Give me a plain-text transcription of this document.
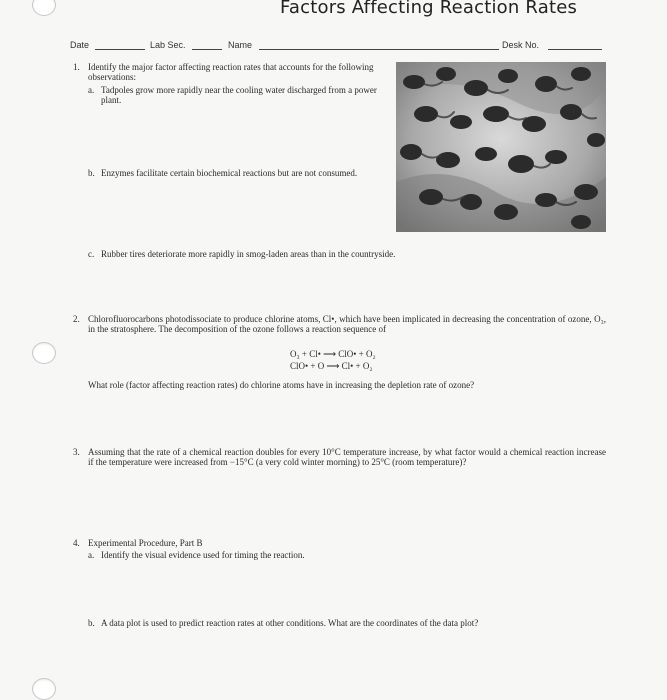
Factors Affecting Reaction Rates
Date	Lab Sec.	Name	Desk No.
1. Identify the major factor affecting reaction rates that accounts for the following observations:
a. Tadpoles grow more rapidly near the cooling water discharged from a power plant.
b. Enzymes facilitate certain biochemical reactions but are not consumed.
c. Rubber tires deteriorate more rapidly in smog-laden areas than in the countryside.
2. Chlorofluorocarbons photodissociate to produce chlorine atoms, Cl•, which have been implicated in decreasing the concentration of ozone, O₃, in the stratosphere. The decomposition of the ozone follows a reaction sequence of
O₃ + Cl• ⟶ ClO• + O₂
ClO• + O ⟶ Cl• + O₂
What role (factor affecting reaction rates) do chlorine atoms have in increasing the depletion rate of ozone?
3. Assuming that the rate of a chemical reaction doubles for every 10°C temperature increase, by what factor would a chemical reaction increase if the temperature were increased from −15°C (a very cold winter morning) to 25°C (room temperature)?
4. Experimental Procedure, Part B
a. Identify the visual evidence used for timing the reaction.
b. A data plot is used to predict reaction rates at other conditions. What are the coordinates of the data plot?
